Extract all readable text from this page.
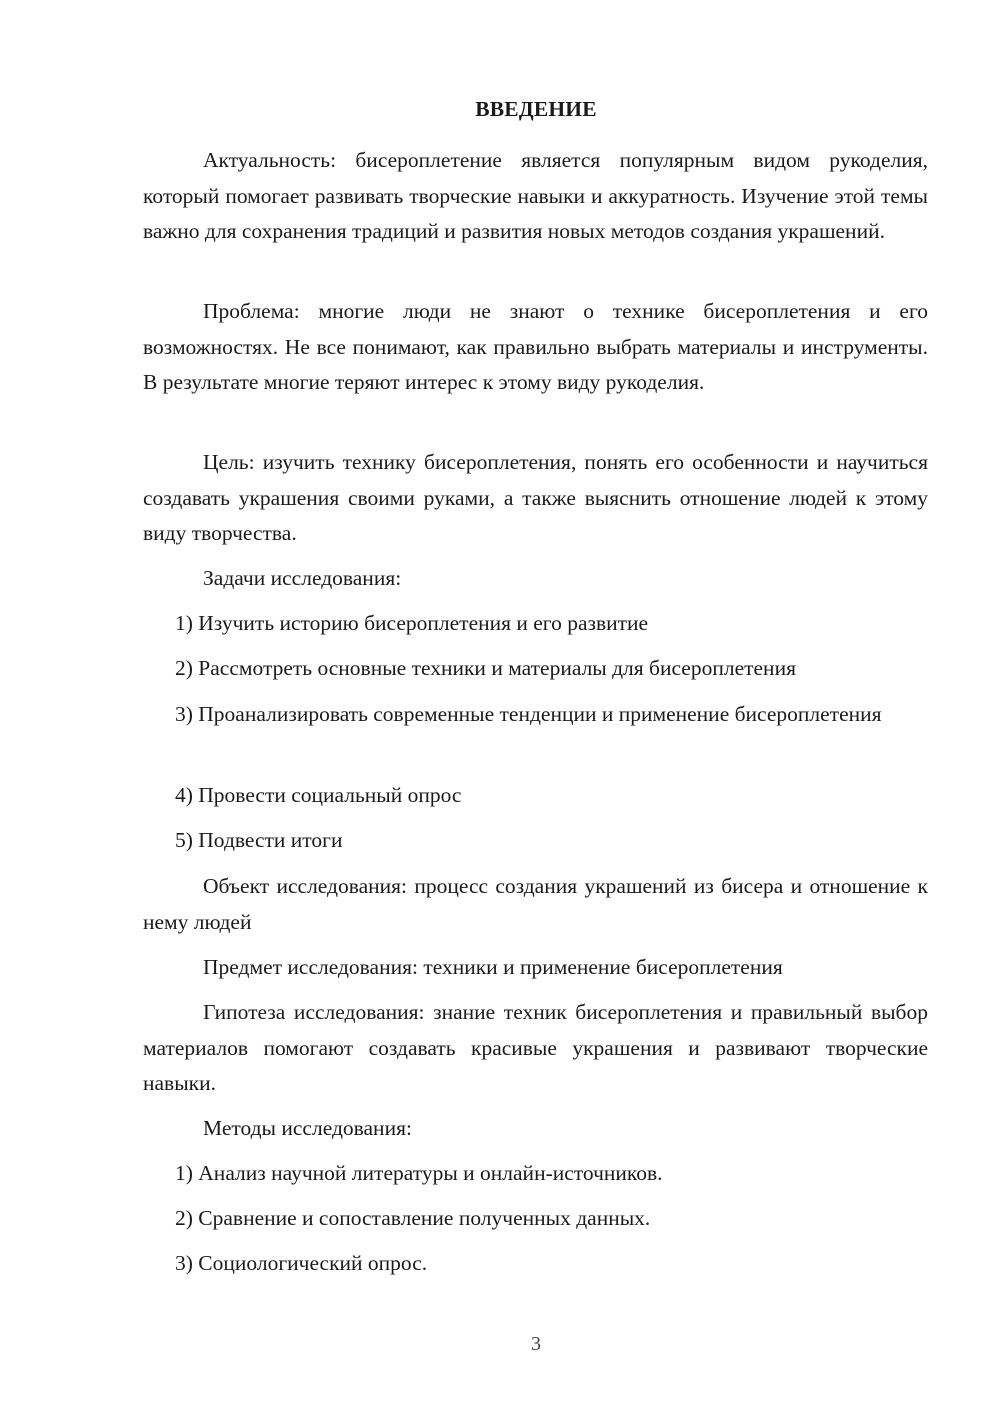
ВВЕДЕНИЕ
Актуальность: бисероплетение является популярным видом рукоделия, который помогает развивать творческие навыки и аккуратность. Изучение этой темы важно для сохранения традиций и развития новых методов создания украшений.
Проблема: многие люди не знают о технике бисероплетения и его возможностях. Не все понимают, как правильно выбрать материалы и инструменты. В результате многие теряют интерес к этому виду рукоделия.
Цель: изучить технику бисероплетения, понять его особенности и научиться создавать украшения своими руками, а также выяснить отношение людей к этому виду творчества.
Задачи исследования:
1) Изучить историю бисероплетения и его развитие
2) Рассмотреть основные техники и материалы для бисероплетения
3) Проанализировать современные тенденции и применение бисероплетения
4) Провести социальный опрос
5) Подвести итоги
Объект исследования: процесс создания украшений из бисера и отношение к нему людей
Предмет исследования: техники и применение бисероплетения
Гипотеза исследования: знание техник бисероплетения и правильный выбор материалов помогают создавать красивые украшения и развивают творческие навыки.
Методы исследования:
1) Анализ научной литературы и онлайн-источников.
2) Сравнение и сопоставление полученных данных.
3) Социологический опрос.
3
